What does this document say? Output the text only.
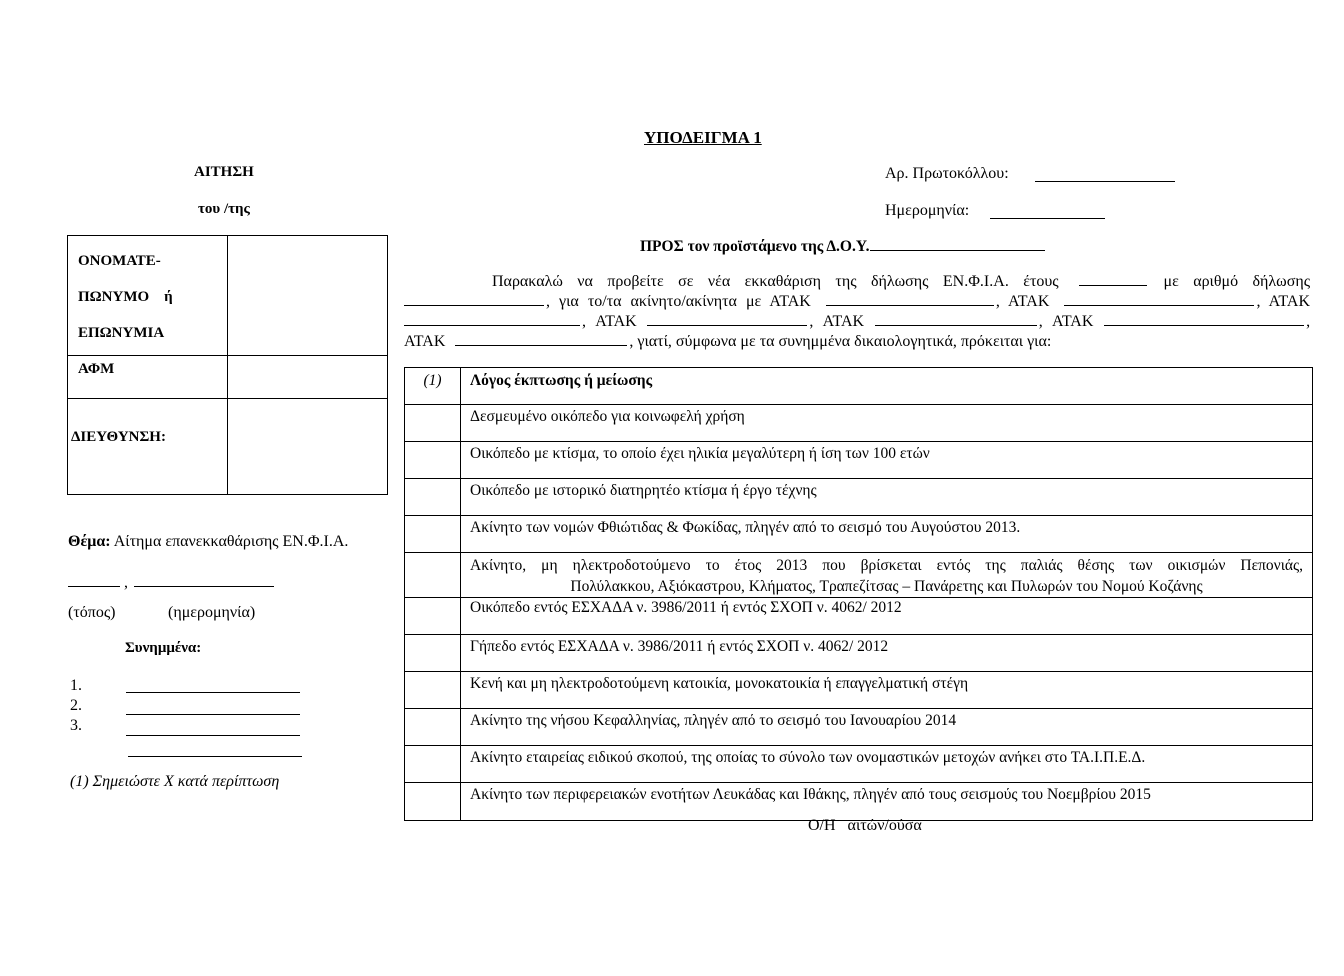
ΥΠΟΔΕΙΓΜΑ 1
ΑΙΤΗΣΗ
του /της
ΟΝΟΜΑΤΕ-
ΠΩΝΥΜΟ    ή
ΕΠΩΝΥΜΙΑ	

ΑΦΜ	

ΔΙΕΥΘΥΝΣΗ:	

Θέμα: Αίτημα επανεκκαθάρισης ΕΝ.Φ.Ι.Α.
,
(τόπος)	(ημερομηνία)
Συνημμένα:
1.
2.
3.
(1) Σημειώστε Χ κατά περίπτωση
Αρ. Πρωτοκόλλου:
Ημερομηνία:
ΠΡΟΣ τον προϊστάμενο της Δ.Ο.Υ.
Παρακαλώ να προβείτε σε νέα εκκαθάριση της δήλωσης ΕΝ.Φ.Ι.Α. έτους	με αριθμό δήλωσης
, για το/τα ακίνητο/ακίνητα με ΑΤΑΚ	, ΑΤΑΚ	, ΑΤΑΚ ,  ΑΤΑΚ	,  ΑΤΑΚ	,  ΑΤΑΚ	, ΑΤΑΚ	, γιατί, σύμφωνα με τα συνημμένα δικαιολογητικά, πρόκειται για:
(1)	Λόγος έκπτωσης ή μείωσης
	Δεσμευμένο οικόπεδο για κοινωφελή χρήση
	Οικόπεδο με κτίσμα, το οποίο έχει ηλικία μεγαλύτερη ή ίση των 100 ετών
	Οικόπεδο με ιστορικό διατηρητέο κτίσμα ή έργο τέχνης
	Ακίνητο των νομών Φθιώτιδας & Φωκίδας, πληγέν από το σεισμό του Αυγούστου 2013.

	Ακίνητο, μη ηλεκτροδοτούμενο το έτος 2013 που βρίσκεται εντός της παλιάς θέσης των οικισμών Πεπονιάς,
Πολύλακκου, Αξιόκαστρου, Κλήματος, Τραπεζίτσας – Πανάρετης και Πυλωρών του Νομού Κοζάνης

	Οικόπεδο εντός ΕΣΧΑΔΑ ν. 3986/2011 ή εντός ΣΧΟΠ ν. 4062/ 2012
	Γήπεδο εντός ΕΣΧΑΔΑ ν. 3986/2011 ή εντός ΣΧΟΠ ν. 4062/ 2012
	Κενή και μη ηλεκτροδοτούμενη κατοικία, μονοκατοικία ή επαγγελματική στέγη
	Ακίνητο της νήσου Κεφαλληνίας, πληγέν από το σεισμό του Ιανουαρίου 2014
	Ακίνητο εταιρείας ειδικού σκοπού, της οποίας το σύνολο των ονομαστικών μετοχών ανήκει στο ΤΑ.Ι.Π.Ε.Δ.
	Ακίνητο των περιφερειακών ενοτήτων Λευκάδας και Ιθάκης, πληγέν από τους σεισμούς του Νοεμβρίου 2015
Ο/Η   αιτών/ούσα
